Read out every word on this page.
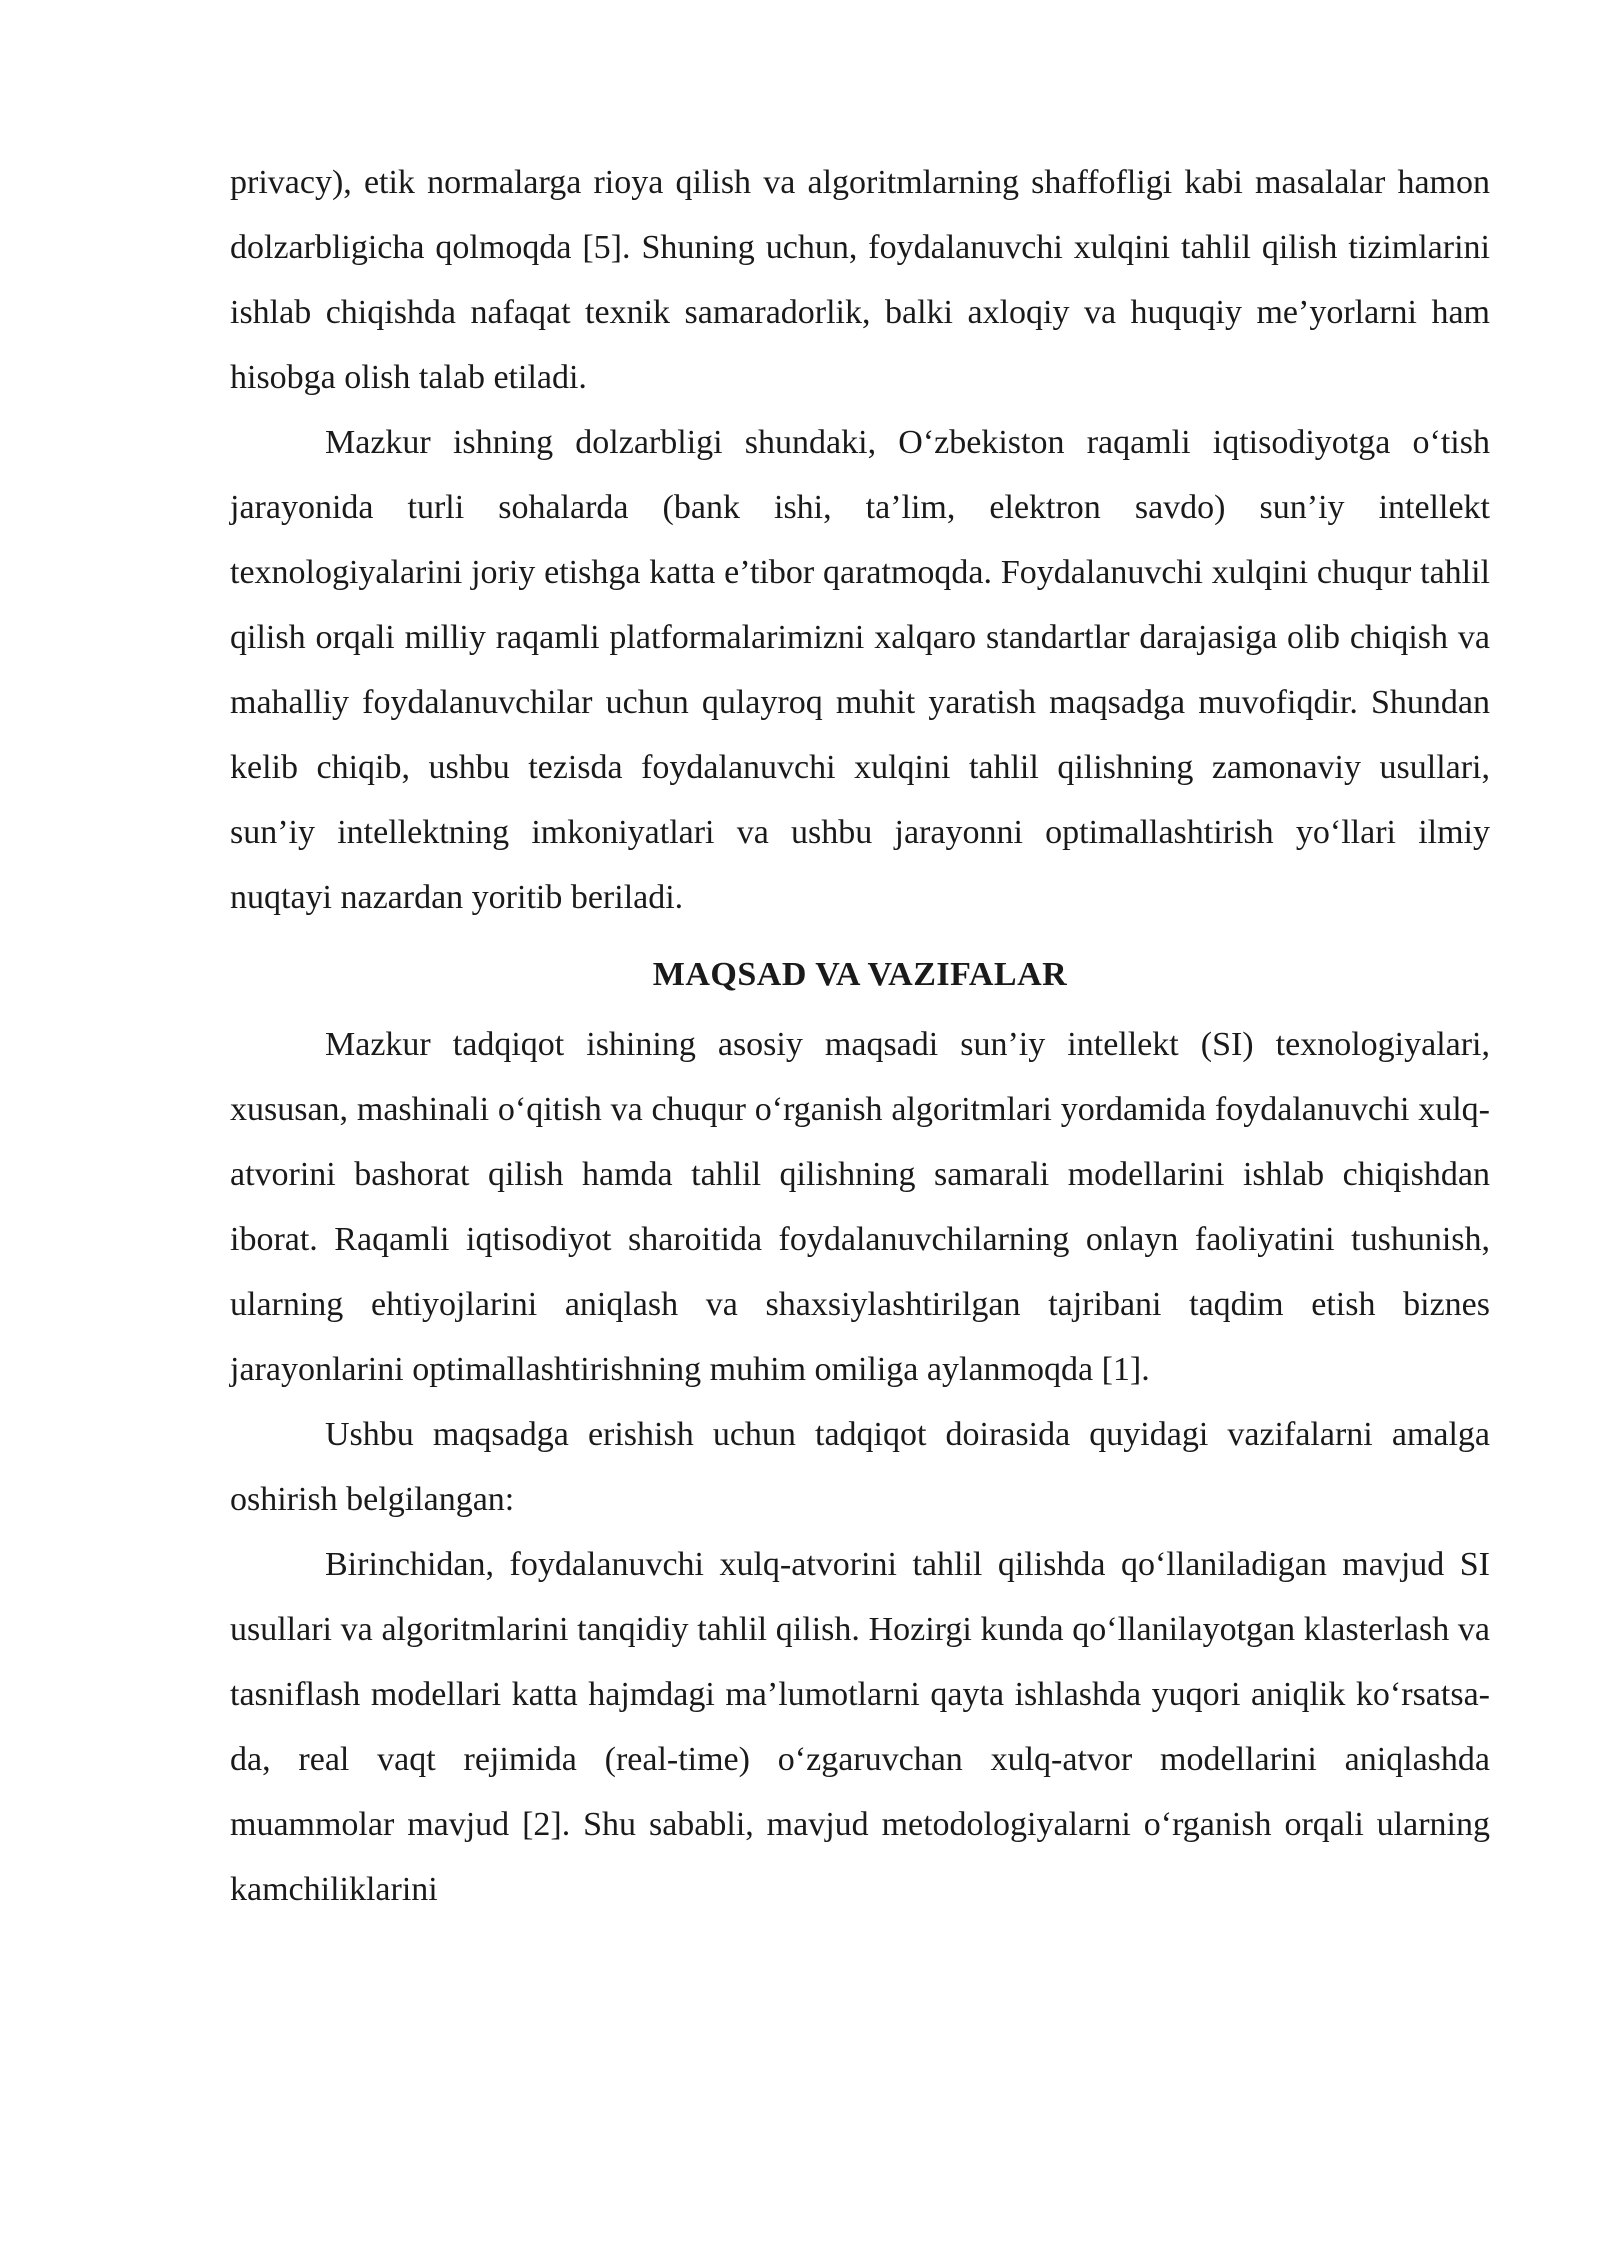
privacy), etik normalarga rioya qilish va algoritmlarning shaffofligi kabi masalalar hamon dolzarbligicha qolmoqda [5]. Shuning uchun, foydalanuvchi xulqini tahlil qilish tizimlarini ishlab chiqishda nafaqat texnik samaradorlik, balki axloqiy va huquqiy me’yorlarni ham hisobga olish talab etiladi.

Mazkur ishning dolzarbligi shundaki, O‘zbekiston raqamli iqtisodiyotga o‘tish jarayonida turli sohalarda (bank ishi, ta’lim, elektron savdo) sun’iy intellekt texnologiyalarini joriy etishga katta e’tibor qaratmoqda. Foydalanuvchi xulqini chuqur tahlil qilish orqali milliy raqamli platformalarimizni xalqaro standartlar darajasiga olib chiqish va mahalliy foydalanuvchilar uchun qulayroq muhit yaratish maqsadga muvofiqdir. Shundan kelib chiqib, ushbu tezisda foydalanuvchi xulqini tahlil qilishning zamonaviy usullari, sun’iy intellektning imkoniyatlari va ushbu jarayonni optimallashtirish yo‘llari ilmiy nuqtayi nazardan yoritib beriladi.

MAQSAD VA VAZIFALAR

Mazkur tadqiqot ishining asosiy maqsadi sun’iy intellekt (SI) texnologiyalari, xususan, mashinali o‘qitish va chuqur o‘rganish algoritmlari yordamida foydalanuvchi xulq-atvorini bashorat qilish hamda tahlil qilishning samarali modellarini ishlab chiqishdan iborat. Raqamli iqtisodiyot sharoitida foydalanuvchilarning onlayn faoliyatini tushunish, ularning ehtiyojlarini aniqlash va shaxsiylashtirilgan tajribani taqdim etish biznes jarayonlarini optimallashtirishning muhim omiliga aylanmoqda [1].

Ushbu maqsadga erishish uchun tadqiqot doirasida quyidagi vazifalarni amalga oshirish belgilangan:

Birinchidan, foydalanuvchi xulq-atvorini tahlil qilishda qo‘llaniladigan mavjud SI usullari va algoritmlarini tanqidiy tahlil qilish. Hozirgi kunda qo‘llanilayotgan klasterlash va tasniflash modellari katta hajmdagi ma’lumotlarni qayta ishlashda yuqori aniqlik ko‘rsatsa-da, real vaqt rejimida (real-time) o‘zgaruvchan xulq-atvor modellarini aniqlashda muammolar mavjud [2]. Shu sababli, mavjud metodologiyalarni o‘rganish orqali ularning kamchiliklarini
